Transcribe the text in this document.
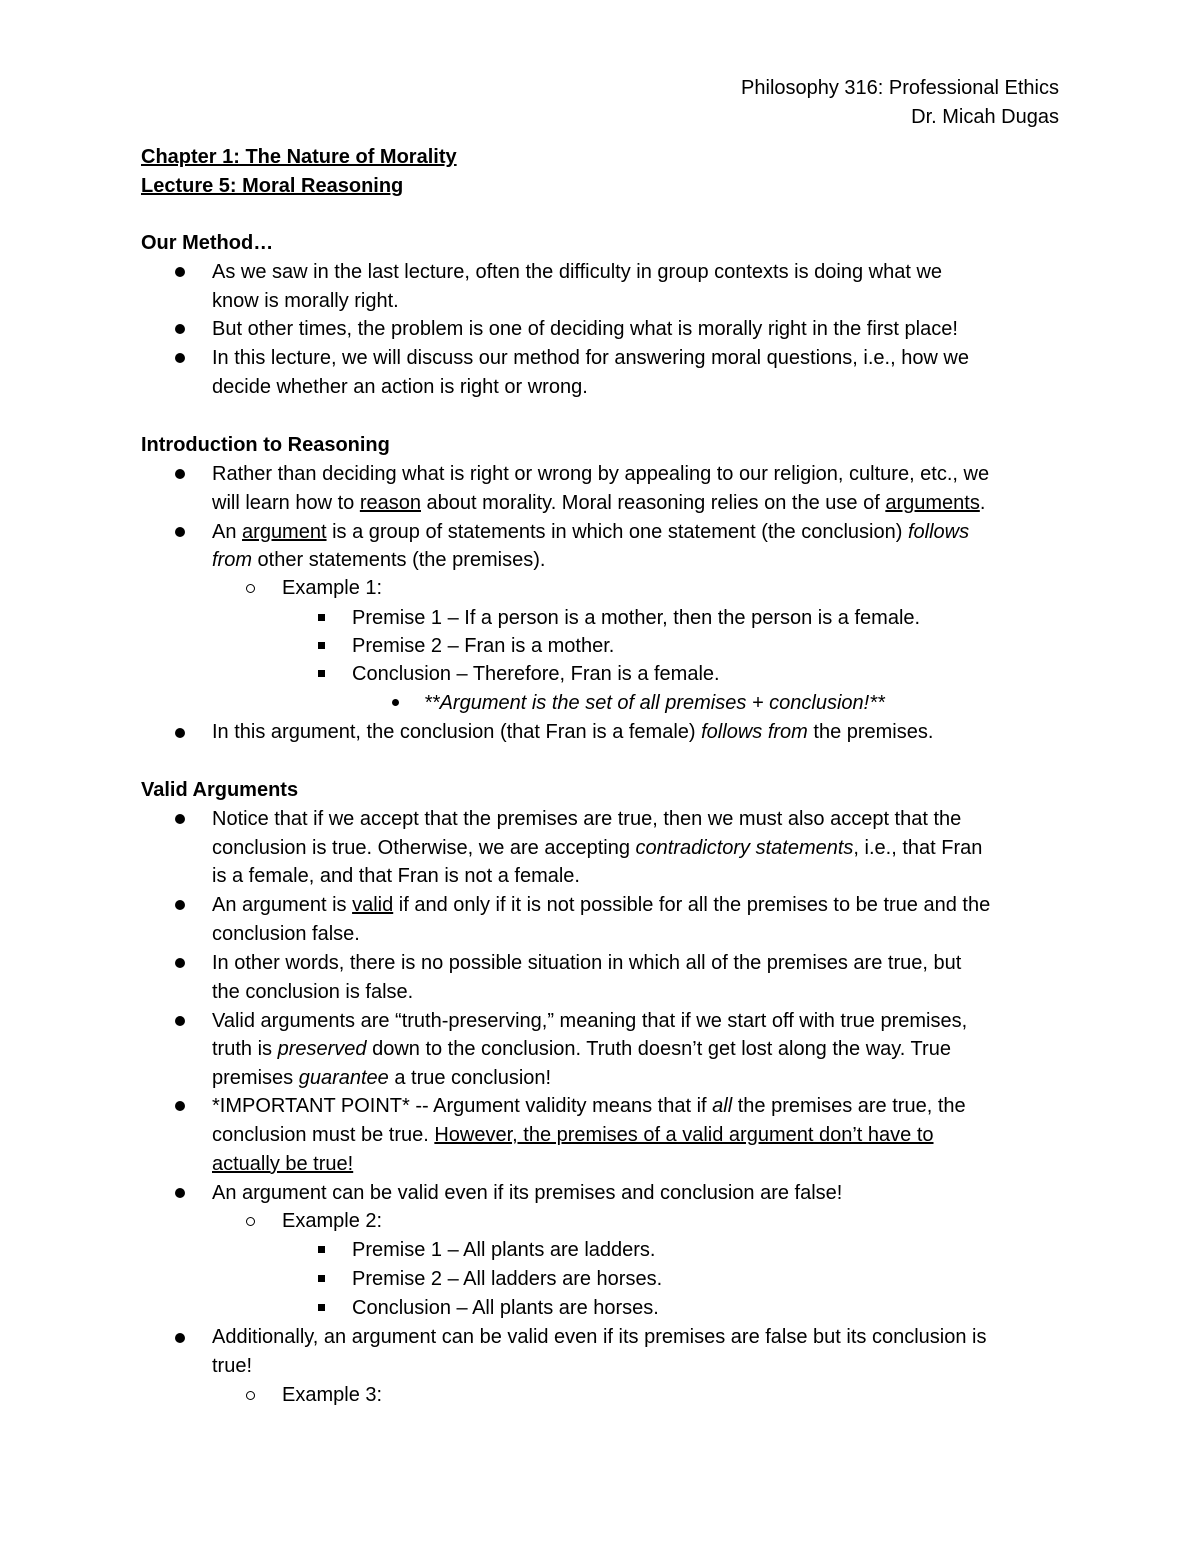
Philosophy 316: Professional Ethics
Dr. Micah Dugas
Chapter 1: The Nature of Morality
Lecture 5: Moral Reasoning
Our Method…
As we saw in the last lecture, often the difficulty in group contexts is doing what we
know is morally right.
But other times, the problem is one of deciding what is morally right in the first place!
In this lecture, we will discuss our method for answering moral questions, i.e., how we
decide whether an action is right or wrong.
Introduction to Reasoning
Rather than deciding what is right or wrong by appealing to our religion, culture, etc., we
will learn how to reason about morality. Moral reasoning relies on the use of arguments.
An argument is a group of statements in which one statement (the conclusion) follows
from other statements (the premises).
Example 1:
Premise 1 – If a person is a mother, then the person is a female.
Premise 2 – Fran is a mother.
Conclusion – Therefore, Fran is a female.
**Argument is the set of all premises + conclusion!**
In this argument, the conclusion (that Fran is a female) follows from the premises.
Valid Arguments
Notice that if we accept that the premises are true, then we must also accept that the
conclusion is true. Otherwise, we are accepting contradictory statements, i.e., that Fran
is a female, and that Fran is not a female.
An argument is valid if and only if it is not possible for all the premises to be true and the
conclusion false.
In other words, there is no possible situation in which all of the premises are true, but
the conclusion is false.
Valid arguments are “truth-preserving,” meaning that if we start off with true premises,
truth is preserved down to the conclusion. Truth doesn’t get lost along the way. True
premises guarantee a true conclusion!
*IMPORTANT POINT* -- Argument validity means that if all the premises are true, the
conclusion must be true. However, the premises of a valid argument don’t have to
actually be true!
An argument can be valid even if its premises and conclusion are false!
Example 2:
Premise 1 – All plants are ladders.
Premise 2 – All ladders are horses.
Conclusion – All plants are horses.
Additionally, an argument can be valid even if its premises are false but its conclusion is
true!
Example 3:
